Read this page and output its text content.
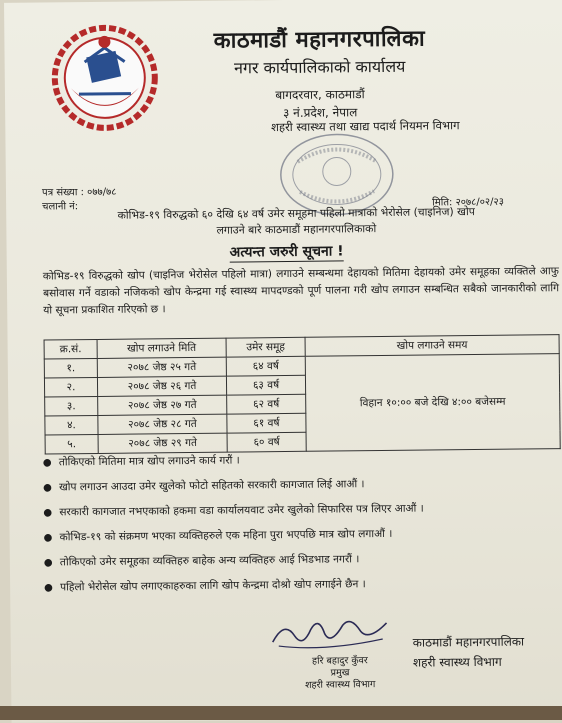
काठमाडौं महानगरपालिका
नगर कार्यपालिकाको कार्यालय
बागदरवार, काठमाडौं
३ नं.प्रदेश, नेपाल
शहरी स्वास्थ्य तथा खाद्य पदार्थ नियमन विभाग
पत्र संख्या : ०७७/७८
चलानी नं:	मिति: २०७८/०२/२३
कोभिड-१९ विरुद्धको ६० देखि ६४ वर्ष उमेर समूहमा पहिलो मात्राको भेरोसेल (चाइनिज) खोप
लगाउने बारे काठमाडौं महानगरपालिकाको
अत्यन्त जरुरी सूचना !
कोभिड-१९ विरुद्धको खोप (चाइनिज भेरोसेल पहिलो मात्रा) लगाउने सम्बन्धमा देहायको मितिमा देहायको उमेर समूहका व्यक्तिले आफु बसोवास गर्ने वडाको नजिकको खोप केन्द्रमा गई स्वास्थ्य मापदण्डको पूर्ण पालना गरी खोप लगाउन सम्बन्धित सबैको जानकारीको लागि यो सूचना प्रकाशित गरिएको छ ।
क्र.सं.	खोप लगाउने मिति	उमेर समूह	खोप लगाउने समय
१.	२०७८ जेष्ठ २५ गते	६४ वर्ष	विहान १०:०० बजे देखि ४:०० बजेसम्म
२.	२०७८ जेष्ठ २६ गते	६३ वर्ष	
३.	२०७८ जेष्ठ २७ गते	६२ वर्ष	
४.	२०७८ जेष्ठ २८ गते	६१ वर्ष	
५.	२०७८ जेष्ठ २९ गते	६० वर्ष	
● तोकिएको मितिमा मात्र खोप लगाउने कार्य गरौं ।
● खोप लगाउन आउदा उमेर खुलेको फोटो सहितको सरकारी कागजात लिई आऔं ।
● सरकारी कागजात नभएकाको हकमा वडा कार्यालयवाट उमेर खुलेको सिफारिस पत्र लिएर आऔं ।
● कोभिड-१९ को संक्रमण भएका व्यक्तिहरुले एक महिना पुरा भएपछि मात्र खोप लगाऔं ।
● तोकिएको उमेर समूहका व्यक्तिहरु बाहेक अन्य व्यक्तिहरु आई भिडभाड नगरौं ।
● पहिलो भेरोसेल खोप लगाएकाहरुका लागि खोप केन्द्रमा दोश्रो खोप लगाईने छैन ।
हरि बहादुर कुँवर
प्रमुख
शहरी स्वास्थ्य विभाग
काठमाडौं महानगरपालिका
शहरी स्वास्थ्य विभाग
